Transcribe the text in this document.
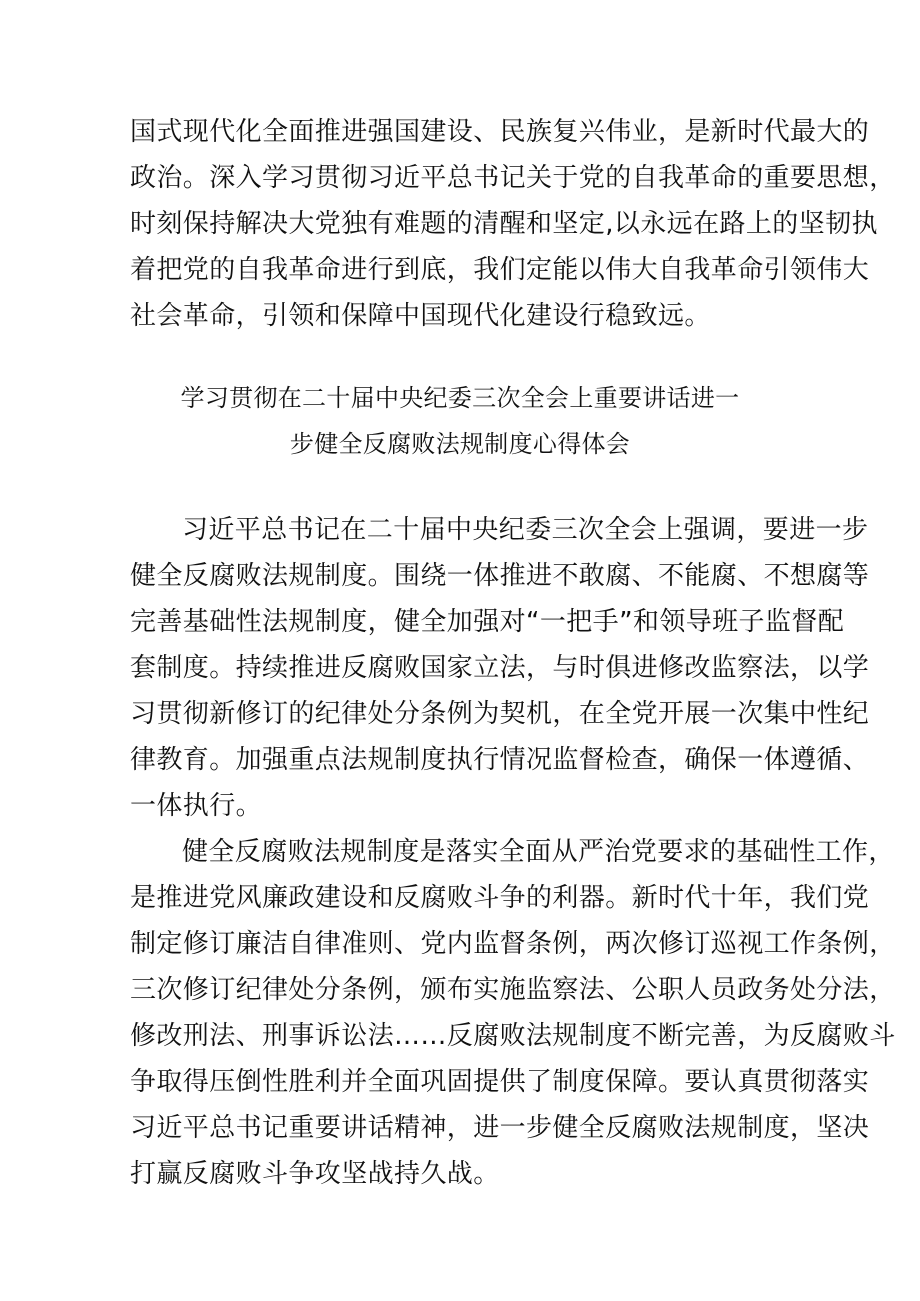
国式现代化全面推进强国建设、民族复兴伟业，是新时代最大的
政治。深入学习贯彻习近平总书记关于党的自我革命的重要思想，
时刻保持解决大党独有难题的清醒和坚定,以永远在路上的坚韧执
着把党的自我革命进行到底，我们定能以伟大自我革命引领伟大
社会革命，引领和保障中国现代化建设行稳致远。
学习贯彻在二十届中央纪委三次全会上重要讲话进一
步健全反腐败法规制度心得体会
习近平总书记在二十届中央纪委三次全会上强调，要进一步
健全反腐败法规制度。围绕一体推进不敢腐、不能腐、不想腐等
完善基础性法规制度，健全加强对“一把手”和领导班子监督配
套制度。持续推进反腐败国家立法，与时俱进修改监察法，以学
习贯彻新修订的纪律处分条例为契机，在全党开展一次集中性纪
律教育。加强重点法规制度执行情况监督检查，确保一体遵循、
一体执行。
健全反腐败法规制度是落实全面从严治党要求的基础性工作，
是推进党风廉政建设和反腐败斗争的利器。新时代十年，我们党
制定修订廉洁自律准则、党内监督条例，两次修订巡视工作条例，
三次修订纪律处分条例，颁布实施监察法、公职人员政务处分法，
修改刑法、刑事诉讼法……反腐败法规制度不断完善，为反腐败斗
争取得压倒性胜利并全面巩固提供了制度保障。要认真贯彻落实
习近平总书记重要讲话精神，进一步健全反腐败法规制度，坚决
打赢反腐败斗争攻坚战持久战。
